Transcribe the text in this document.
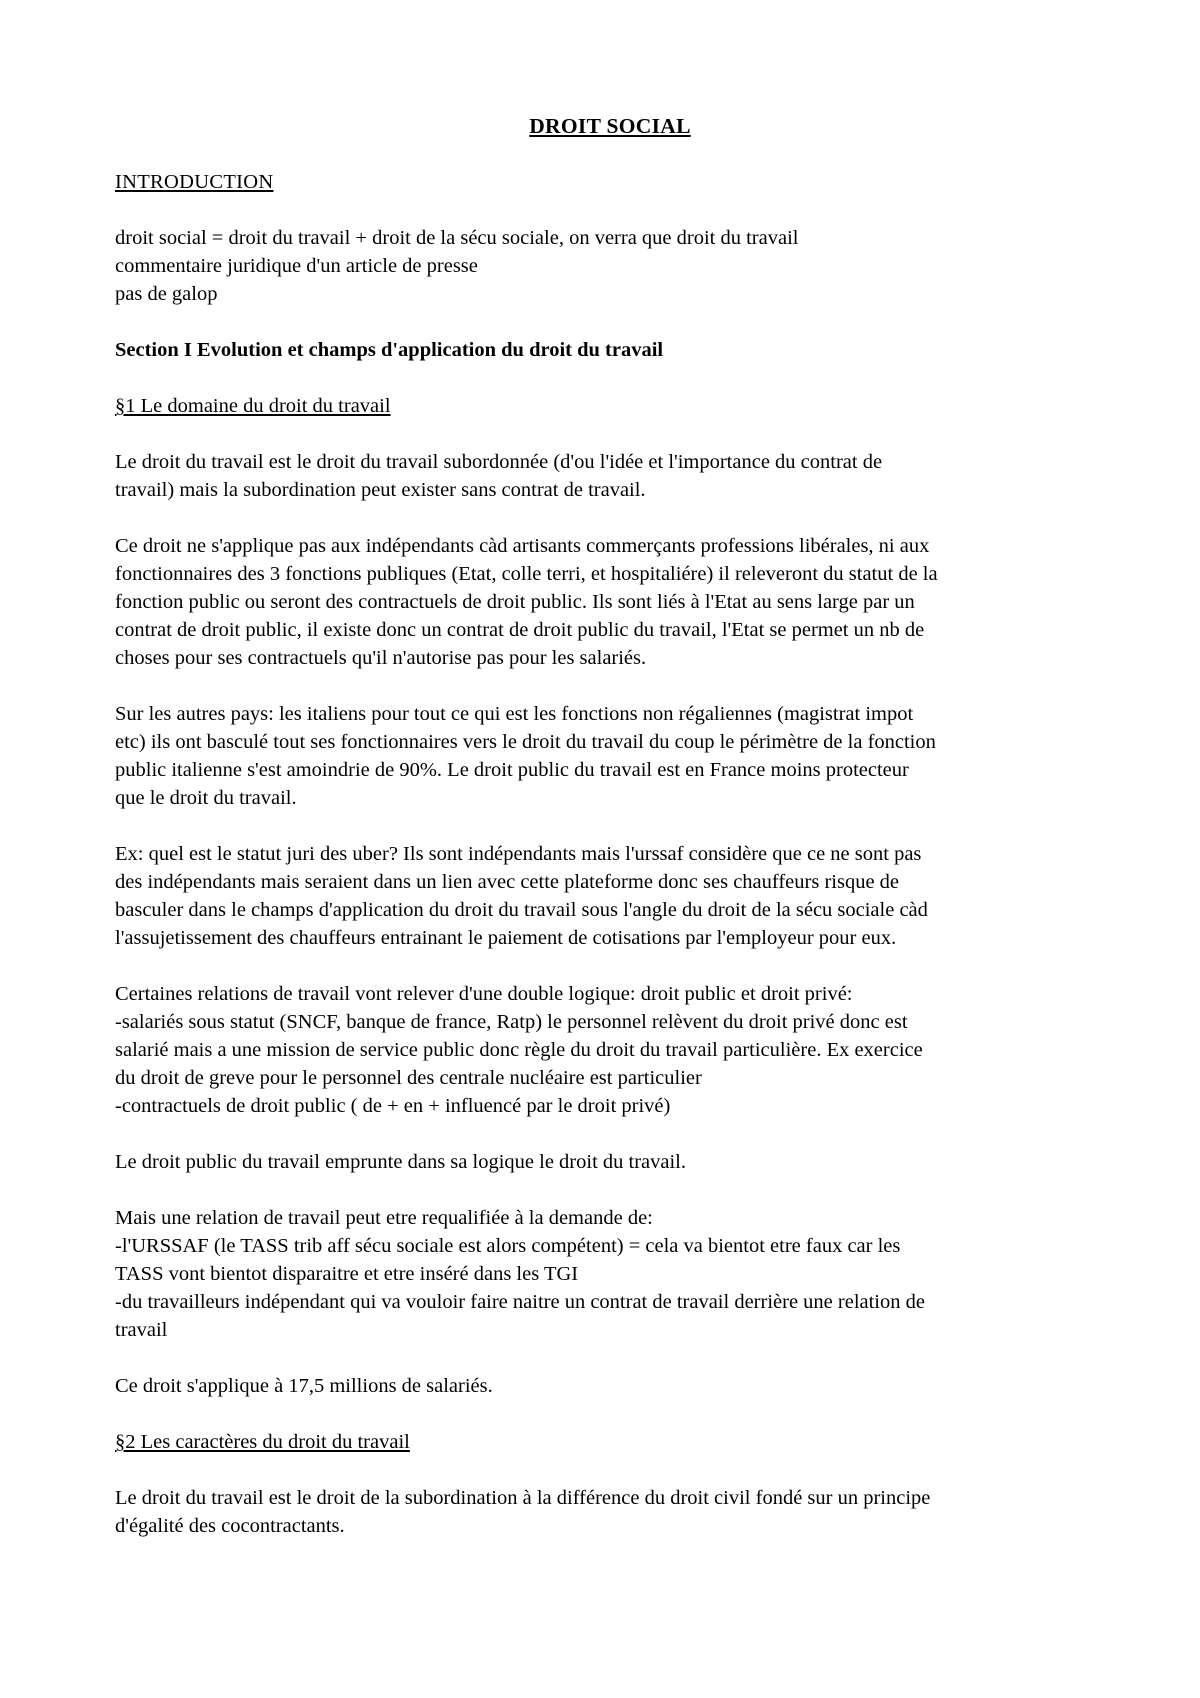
DROIT SOCIAL
INTRODUCTION
droit social = droit du travail + droit de la sécu sociale, on verra que droit du travail
commentaire juridique d'un article de presse
pas de galop
Section I Evolution et champs d'application du droit du travail
§1 Le domaine du droit du travail
Le droit du travail est le droit du travail subordonnée (d'ou l'idée et l'importance du contrat de
travail) mais la subordination peut exister sans contrat de travail.
Ce droit ne s'applique pas aux indépendants càd artisants commerçants professions libérales, ni aux
fonctionnaires des 3 fonctions publiques (Etat, colle terri, et hospitaliére) il releveront du statut de la
fonction public ou seront des contractuels de droit public. Ils sont liés à l'Etat au sens large par un
contrat de droit public, il existe donc un contrat de droit public du travail, l'Etat se permet un nb de
choses pour ses contractuels qu'il n'autorise pas pour les salariés.
Sur les autres pays: les italiens pour tout ce qui est les fonctions non régaliennes (magistrat impot
etc) ils ont basculé tout ses fonctionnaires vers le droit du travail du coup le périmètre de la fonction
public italienne s'est amoindrie de 90%. Le droit public du travail est en France moins protecteur
que le droit du travail.
Ex: quel est le statut juri des uber? Ils sont indépendants mais l'urssaf considère que ce ne sont pas
des indépendants mais seraient dans un lien avec cette plateforme donc ses chauffeurs risque de
basculer dans le champs d'application du droit du travail sous l'angle du droit de la sécu sociale càd
l'assujetissement des chauffeurs entrainant le paiement de cotisations par l'employeur pour eux.
Certaines relations de travail vont relever d'une double logique: droit public et droit privé:
-salariés sous statut (SNCF, banque de france, Ratp) le personnel relèvent du droit privé donc est
salarié mais a une mission de service public donc règle du droit du travail particulière. Ex exercice
du droit de greve pour le personnel des centrale nucléaire est particulier
-contractuels de droit public ( de + en + influencé par le droit privé)
Le droit public du travail emprunte dans sa logique le droit du travail.
Mais une relation de travail peut etre requalifiée à la demande de:
-l'URSSAF (le TASS trib aff sécu sociale est alors compétent) = cela va bientot etre faux car les
TASS vont bientot disparaitre et etre inséré dans les TGI
-du travailleurs indépendant qui va vouloir faire naitre un contrat de travail derrière une relation de
travail
Ce droit s'applique à 17,5 millions de salariés.
§2 Les caractères du droit du travail
Le droit du travail est le droit de la subordination à la différence du droit civil fondé sur un principe
d'égalité des cocontractants.
